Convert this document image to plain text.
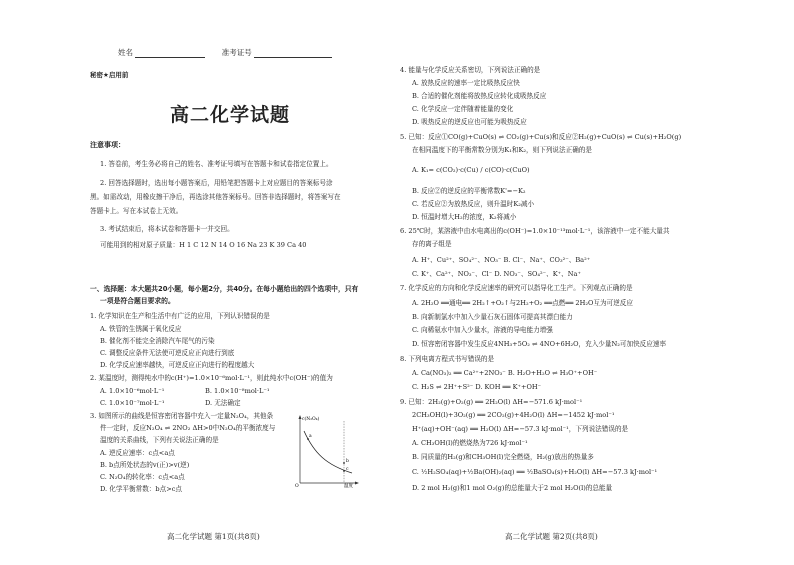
姓名	准考证号
秘密★启用前
高二化学试题
注意事项：
1. 答卷前，考生务必将自己的姓名、准考证号填写在答题卡和试卷指定位置上。
2. 回答选择题时，选出每小题答案后，用铅笔把答题卡上对应题目的答案标号涂
黑。如需改动，用橡皮擦干净后，再选涂其他答案标号。回答非选择题时，将答案写在
答题卡上。写在本试卷上无效。
3. 考试结束后，将本试卷和答题卡一并交回。
可能用到的相对原子质量：H 1 C 12 N 14 O 16 Na 23 K 39 Ca 40
一、选择题：本大题共20小题，每小题2分，共40分。在每小题给出的四个选项中，只有
一项是符合题目要求的。
1. 化学知识在生产和生活中有广泛的应用，下列认识错误的是
A. 铁管的生锈属于氧化反应
B. 催化剂不能完全消除汽车尾气的污染
C. 调整反应条件无法使可逆反应正向进行到底
D. 化学反应速率越快，可逆反应正向进行的程度越大
2. 某温度时，测得纯水中的c(H⁺)=1.0×10⁻⁶mol·L⁻¹，则此纯水中c(OH⁻)的值为
A. 1.0×10⁻⁶mol·L⁻¹	B. 1.0×10⁻⁸mol·L⁻¹
C. 1.0×10⁻⁷mol·L⁻¹	D. 无法确定
3. 如图所示的曲线是恒容密闭容器中充入一定量N₂O₄，其他条
件一定时，反应N₂O₄ ⇌ 2NO₂ ΔH>0中N₂O₄的平衡浓度与
温度的关系曲线，下列有关说法正确的是
A. 逆反应速率：c点<a点
B. b点所处状态的v(正)>v(逆)
C. N₂O₄的转化率：c点<a点
D. 化学平衡常数：b点>c点
c(N₂O₄)
温度
O
a
b
c
高二化学试题 第1页(共8页)
4. 能量与化学反应关系密切，下列说法正确的是
A. 放热反应的速率一定比吸热反应快
B. 合适的催化剂能将放热反应转化成吸热反应
C. 化学反应一定伴随着能量的变化
D. 吸热反应的逆反应也可能为吸热反应
5. 已知：反应①CO(g)+CuO(s) ⇌ CO₂(g)+Cu(s)和反应②H₂(g)+CuO(s) ⇌ Cu(s)+H₂O(g)
在相同温度下的平衡常数分别为K₁和K₂，则下列说法正确的是
A. K₁= c(CO₂)·c(Cu) / c(CO)·c(CuO)
B. 反应②的逆反应的平衡常数K'=−K₂
C. 若反应②为放热反应，则升温时K₂减小
D. 恒温时增大H₂的浓度，K₂将减小
6. 25℃时，某溶液中由水电离出的c(OH⁻)=1.0×10⁻¹³mol·L⁻¹，该溶液中一定不能大量共
存的离子组是
A. H⁺、Cu²⁺、SO₄²⁻、NO₃⁻ B. Cl⁻、Na⁺、CO₃²⁻、Ba²⁺
C. K⁺、Ca²⁺、NO₃⁻、Cl⁻ D. NO₃⁻、SO₄²⁻、K⁺、Na⁺
7. 化学反应的方向和化学反应速率的研究可以指导化工生产。下列观点正确的是
A. 2H₂O ══通电══ 2H₂↑+O₂↑与2H₂+O₂ ══点燃══ 2H₂O互为可逆反应
B. 向新制氯水中加入少量石灰石固体可提高其漂白能力
C. 向稀氨水中加入少量水，溶液的导电能力增强
D. 恒容密闭容器中发生反应4NH₃+5O₂ ⇌ 4NO+6H₂O，充入少量N₂可加快反应速率
8. 下列电离方程式书写错误的是
A. Ca(NO₃)₂ ══ Ca²⁺+2NO₃⁻ B. H₂O+H₂O ⇌ H₃O⁺+OH⁻
C. H₂S ⇌ 2H⁺+S²⁻ D. KOH ══ K⁺+OH⁻
9. 已知：2H₂(g)+O₂(g) ══ 2H₂O(l) ΔH=−571.6 kJ·mol⁻¹
2CH₃OH(l)+3O₂(g) ══ 2CO₂(g)+4H₂O(l) ΔH=−1452 kJ·mol⁻¹
H⁺(aq)+OH⁻(aq) ══ H₂O(l) ΔH=−57.3 kJ·mol⁻¹，下列说法错误的是
A. CH₃OH(l)的燃烧热为726 kJ·mol⁻¹
B. 同质量的H₂(g)和CH₃OH(l)完全燃烧，H₂(g)放出的热量多
C. ½H₂SO₄(aq)+½Ba(OH)₂(aq) ══ ½BaSO₄(s)+H₂O(l) ΔH=−57.3 kJ·mol⁻¹
D. 2 mol H₂(g)和1 mol O₂(g)的总能量大于2 mol H₂O(l)的总能量
高二化学试题 第2页(共8页)
